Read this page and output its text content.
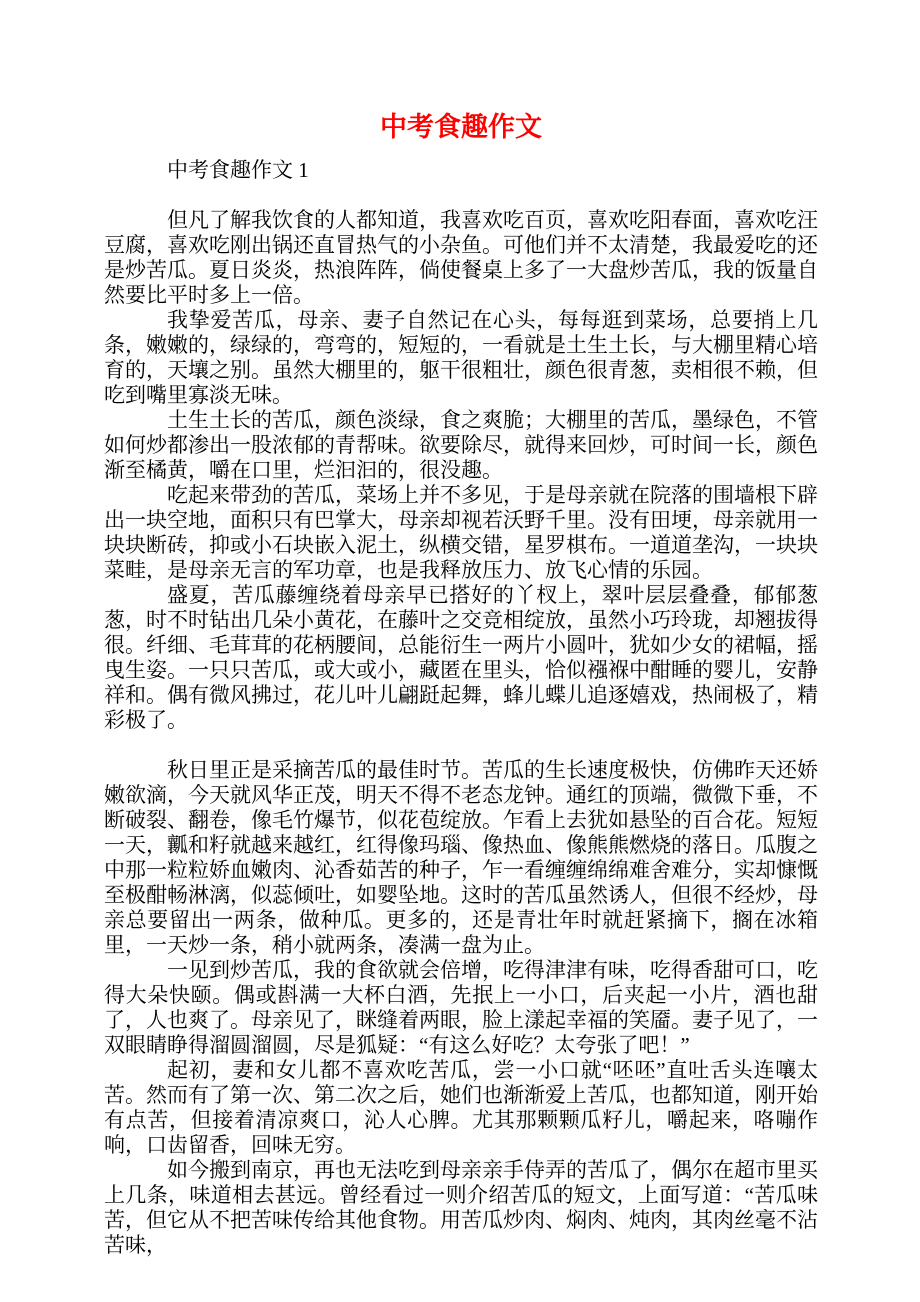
中考食趣作文

中考食趣作文 1

但凡了解我饮食的人都知道，我喜欢吃百页，喜欢吃阳春面，喜欢吃汪豆腐，喜欢吃刚出锅还直冒热气的小杂鱼。可他们并不太清楚，我最爱吃的还是炒苦瓜。夏日炎炎，热浪阵阵，倘使餐桌上多了一大盘炒苦瓜，我的饭量自然要比平时多上一倍。

我挚爱苦瓜，母亲、妻子自然记在心头，每每逛到菜场，总要捎上几条，嫩嫩的，绿绿的，弯弯的，短短的，一看就是土生土长，与大棚里精心培育的，天壤之别。虽然大棚里的，躯干很粗壮，颜色很青葱，卖相很不赖，但吃到嘴里寡淡无味。

土生土长的苦瓜，颜色淡绿，食之爽脆；大棚里的苦瓜，墨绿色，不管如何炒都渗出一股浓郁的青帮味。欲要除尽，就得来回炒，可时间一长，颜色渐至橘黄，嚼在口里，烂汩汩的，很没趣。

吃起来带劲的苦瓜，菜场上并不多见，于是母亲就在院落的围墙根下辟出一块空地，面积只有巴掌大，母亲却视若沃野千里。没有田埂，母亲就用一块块断砖，抑或小石块嵌入泥土，纵横交错，星罗棋布。一道道垄沟，一块块菜畦，是母亲无言的军功章，也是我释放压力、放飞心情的乐园。

盛夏，苦瓜藤缠绕着母亲早已搭好的丫杈上，翠叶层层叠叠，郁郁葱葱，时不时钻出几朵小黄花，在藤叶之交竞相绽放，虽然小巧玲珑，却翘拔得很。纤细、毛茸茸的花柄腰间，总能衍生一两片小圆叶，犹如少女的裙幅，摇曳生姿。一只只苦瓜，或大或小，藏匿在里头，恰似襁褓中酣睡的婴儿，安静祥和。偶有微风拂过，花儿叶儿翩跹起舞，蜂儿蝶儿追逐嬉戏，热闹极了，精彩极了。

秋日里正是采摘苦瓜的最佳时节。苦瓜的生长速度极快，仿佛昨天还娇嫩欲滴，今天就风华正茂，明天不得不老态龙钟。通红的顶端，微微下垂，不断破裂、翻卷，像毛竹爆节，似花苞绽放。乍看上去犹如悬坠的百合花。短短一天，瓤和籽就越来越红，红得像玛瑙、像热血、像熊熊燃烧的落日。瓜腹之中那一粒粒娇血嫩肉、沁香茹苦的种子，乍一看缠缠绵绵难舍难分，实却慷慨至极酣畅淋漓，似蕊倾吐，如婴坠地。这时的苦瓜虽然诱人，但很不经炒，母亲总要留出一两条，做种瓜。更多的，还是青壮年时就赶紧摘下，搁在冰箱里，一天炒一条，稍小就两条，凑满一盘为止。

一见到炒苦瓜，我的食欲就会倍增，吃得津津有味，吃得香甜可口，吃得大朵快颐。偶或斟满一大杯白酒，先抿上一小口，后夹起一小片，酒也甜了，人也爽了。母亲见了，眯缝着两眼，脸上漾起幸福的笑靥。妻子见了，一双眼睛睁得溜圆溜圆，尽是狐疑：“有这么好吃？太夸张了吧！”

起初，妻和女儿都不喜欢吃苦瓜，尝一小口就“呸呸”直吐舌头连嚷太苦。然而有了第一次、第二次之后，她们也渐渐爱上苦瓜，也都知道，刚开始有点苦，但接着清凉爽口，沁人心脾。尤其那颗颗瓜籽儿，嚼起来，咯嘣作响，口齿留香，回味无穷。

如今搬到南京，再也无法吃到母亲亲手侍弄的苦瓜了，偶尔在超市里买上几条，味道相去甚远。曾经看过一则介绍苦瓜的短文，上面写道：“苦瓜味苦，但它从不把苦味传给其他食物。用苦瓜炒肉、焖肉、炖肉，其肉丝毫不沾苦味，
